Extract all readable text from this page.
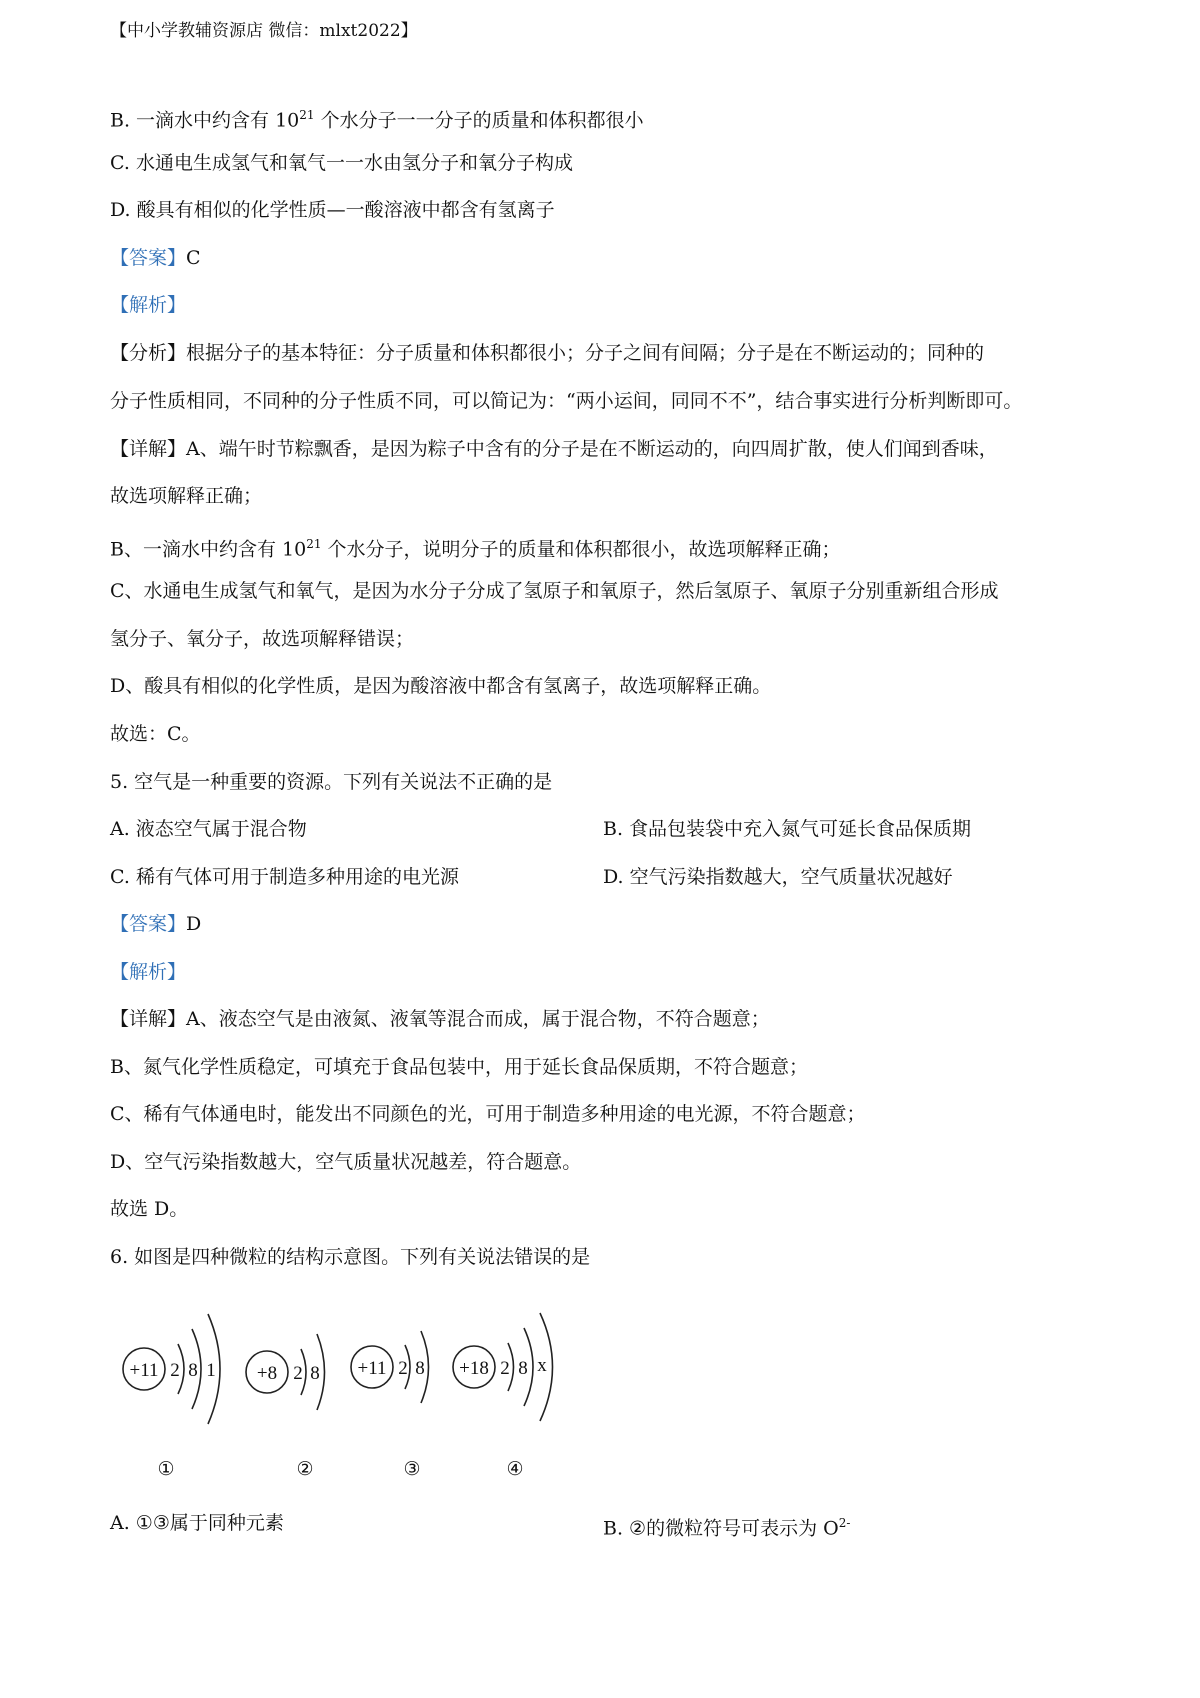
【中小学教辅资源店 微信：mlxt2022】
B. 一滴水中约含有 $10^{21}$ 个水分子一一分子的质量和体积都很小
C. 水通电生成氢气和氧气一一水由氢分子和氧分子构成
D. 酸具有相似的化学性质—一酸溶液中都含有氢离子
【答案】C
【解析】
【分析】根据分子的基本特征：分子质量和体积都很小；分子之间有间隔；分子是在不断运动的；同种的
分子性质相同，不同种的分子性质不同，可以简记为：“两小运间，同同不不”，结合事实进行分析判断即可。
【详解】A、端午时节粽飘香，是因为粽子中含有的分子是在不断运动的，向四周扩散，使人们闻到香味，
故选项解释正确；
B、一滴水中约含有 $10^{21}$ 个水分子，说明分子的质量和体积都很小，故选项解释正确；
C、水通电生成氢气和氧气，是因为水分子分成了氢原子和氧原子，然后氢原子、氧原子分别重新组合形成
氢分子、氧分子，故选项解释错误；
D、酸具有相似的化学性质，是因为酸溶液中都含有氢离子，故选项解释正确。
故选：C。
5. 空气是一种重要的资源。下列有关说法不正确的是
A. 液态空气属于混合物	B. 食品包装袋中充入氮气可延长食品保质期
C. 稀有气体可用于制造多种用途的电光源	D. 空气污染指数越大，空气质量状况越好
【答案】D
【解析】
【详解】A、液态空气是由液氮、液氧等混合而成，属于混合物，不符合题意；
B、氮气化学性质稳定，可填充于食品包装中，用于延长食品保质期，不符合题意；
C、稀有气体通电时，能发出不同颜色的光，可用于制造多种用途的电光源，不符合题意；
D、空气污染指数越大，空气质量状况越差，符合题意。
故选 D。
6. 如图是四种微粒的结构示意图。下列有关说法错误的是
+11 2 8 1 +8 2 8 +11 2 8 +18 2 8 x
①	②	③	④
A. ①③属于同种元素	B. ②的微粒符号可表示为 $O^{2-}$
